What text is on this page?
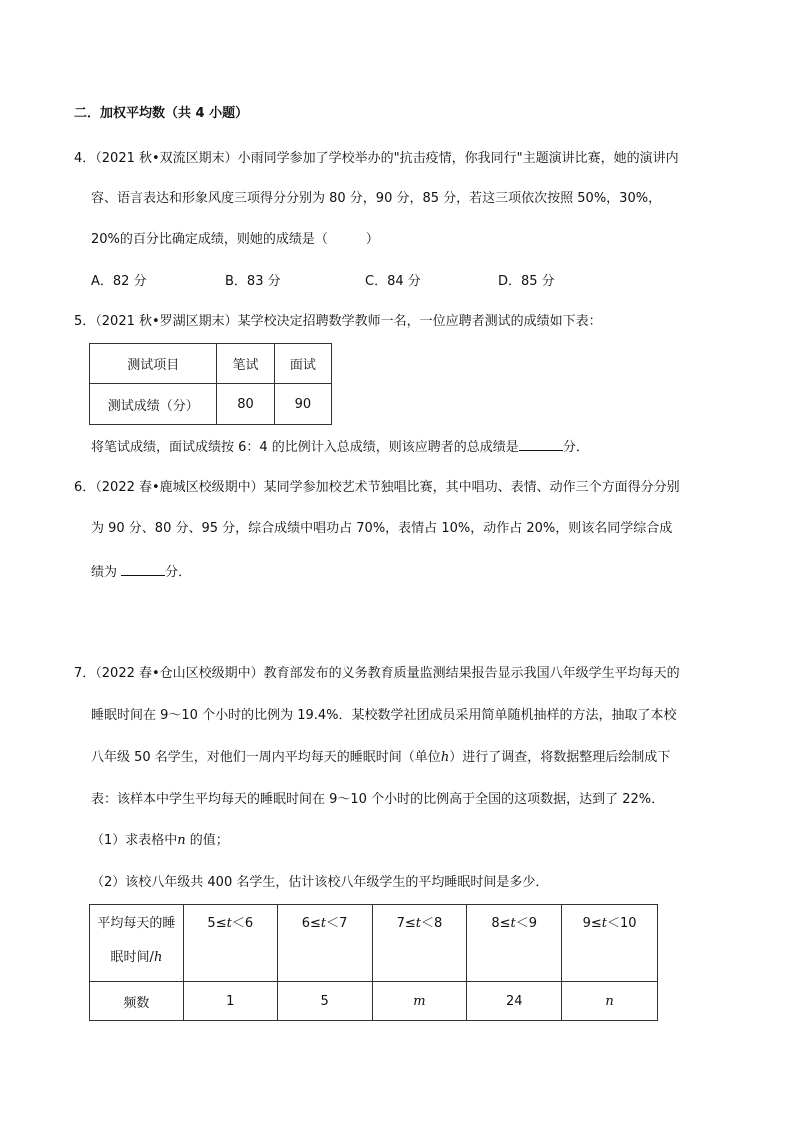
二．加权平均数（共 4 小题）
4．（2021 秋•双流区期末）小雨同学参加了学校举办的"抗击疫情，你我同行"主题演讲比赛，她的演讲内
容、语言表达和形象风度三项得分分别为 80 分，90 分，85 分，若这三项依次按照 50%，30%，
20%的百分比确定成绩，则她的成绩是（	）
A．82 分	B．83 分	C．84 分	D．85 分
5．（2021 秋•罗湖区期末）某学校决定招聘数学教师一名，一位应聘者测试的成绩如下表：
测试项目	笔试	面试
测试成绩（分）	80	90
将笔试成绩，面试成绩按 6：4 的比例计入总成绩，则该应聘者的总成绩是	分．
6．（2022 春•鹿城区校级期中）某同学参加校艺术节独唱比赛，其中唱功、表情、动作三个方面得分分别
为 90 分、80 分、95 分，综合成绩中唱功占 70%，表情占 10%，动作占 20%，则该名同学综合成
绩为	分．
7．（2022 春•仓山区校级期中）教育部发布的义务教育质量监测结果报告显示我国八年级学生平均每天的
睡眠时间在 9～10 个小时的比例为 19.4%．某校数学社团成员采用简单随机抽样的方法，抽取了本校
八年级 50 名学生，对他们一周内平均每天的睡眠时间（单位h）进行了调查，将数据整理后绘制成下
表：该样本中学生平均每天的睡眠时间在 9～10 个小时的比例高于全国的这项数据，达到了 22%．
（1）求表格中n 的值；
（2）该校八年级共 400 名学生，估计该校八年级学生的平均睡眠时间是多少．
平均每天的睡
眠时间/h	5≤t＜6	6≤t＜7	7≤t＜8	8≤t＜9	9≤t＜10
频数	1	5	m	24	n
